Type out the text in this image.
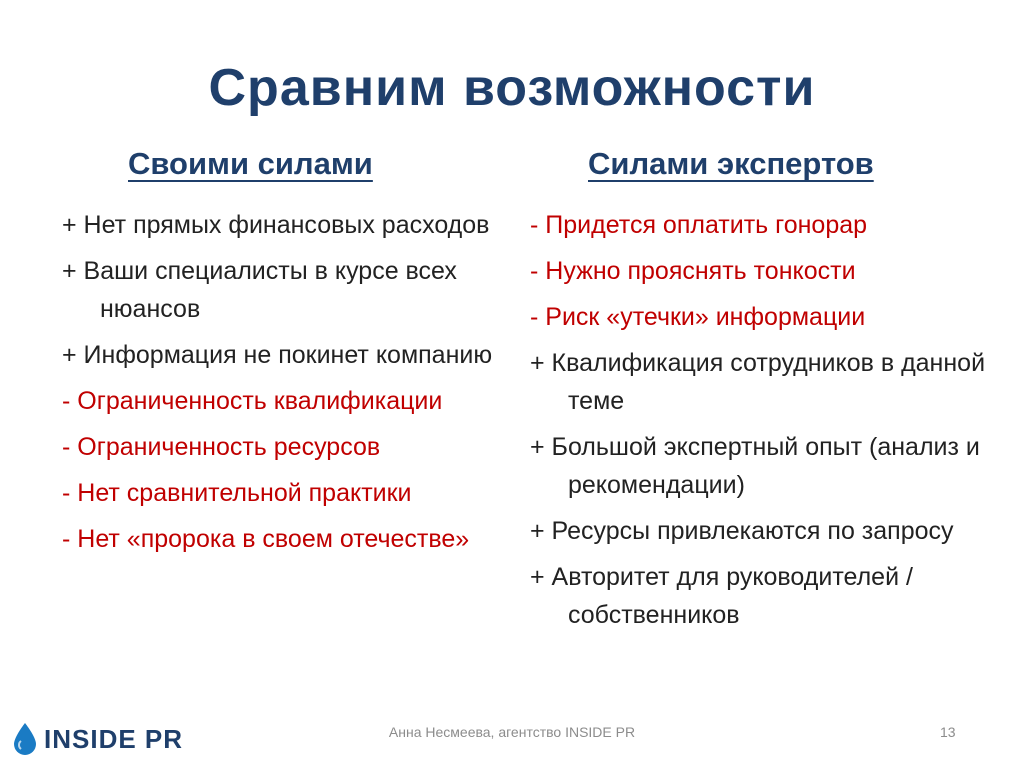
Сравним возможности
Своими силами	Силами экспертов
+ Нет прямых финансовых расходов
+ Ваши специалисты в курсе всех нюансов
+ Информация не покинет компанию
- Ограниченность квалификации
- Ограниченность ресурсов
- Нет сравнительной практики
- Нет «пророка в своем отечестве»
- Придется оплатить гонорар
- Нужно прояснять тонкости
- Риск «утечки» информации
+ Квалификация сотрудников в данной теме
+ Большой экспертный опыт (анализ и рекомендации)
+ Ресурсы привлекаются по запросу
+ Авторитет для руководителей / собственников
INSIDE PR	Анна Несмеева, агентство INSIDE PR	13
